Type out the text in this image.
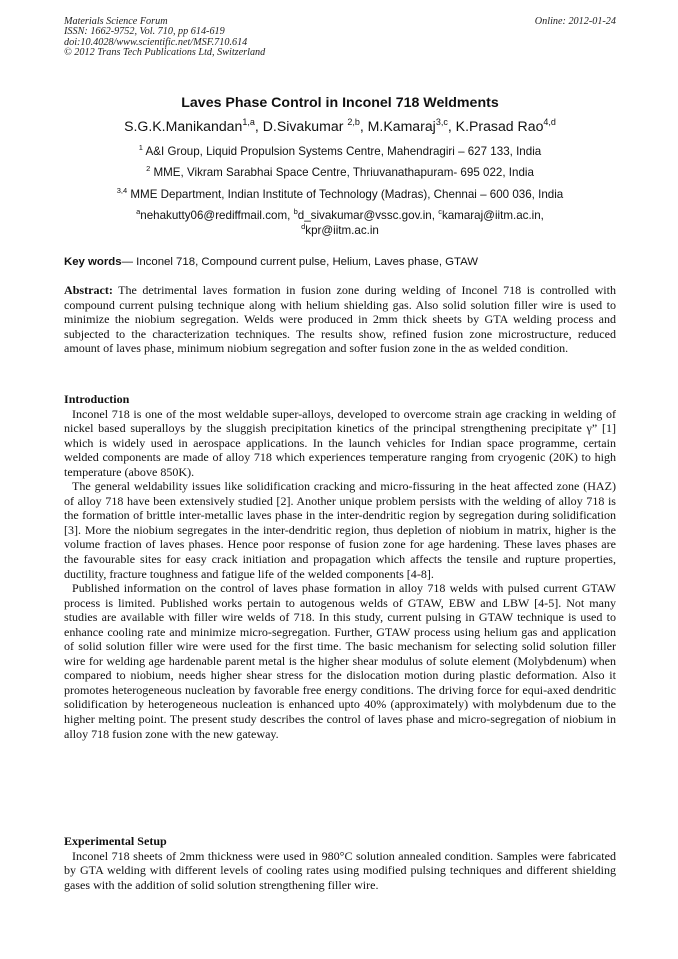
Materials Science Forum
ISSN: 1662-9752, Vol. 710, pp 614-619
doi:10.4028/www.scientific.net/MSF.710.614
© 2012 Trans Tech Publications Ltd, Switzerland
Online: 2012-01-24
Laves Phase Control in Inconel 718 Weldments
S.G.K.Manikandan$^{1,a}$, D.Sivakumar $^{2,b}$, M.Kamaraj$^{3,c}$, K.Prasad Rao$^{4,d}$
$^1$ A&I Group, Liquid Propulsion Systems Centre, Mahendragiri – 627 133, India
$^2$ MME, Vikram Sarabhai Space Centre, Thriuvanathapuram- 695 022, India
$^{3,4}$ MME Department, Indian Institute of Technology (Madras), Chennai – 600 036, India
$^a$nehakutty06@rediffmail.com, $^b$d_sivakumar@vssc.gov.in, $^c$kamaraj@iitm.ac.in,
$^d$kpr@iitm.ac.in
Key words— Inconel 718, Compound current pulse, Helium, Laves phase, GTAW

Abstract: The detrimental laves formation in fusion zone during welding of Inconel 718 is controlled with compound current pulsing technique along with helium shielding gas. Also solid solution filler wire is used to minimize the niobium segregation. Welds were produced in 2mm thick sheets by GTA welding process and subjected to the characterization techniques. The results show, refined fusion zone microstructure, reduced amount of laves phase, minimum niobium segregation and softer fusion zone in the as welded condition.

Introduction

Inconel 718 is one of the most weldable super-alloys, developed to overcome strain age cracking in welding of nickel based superalloys by the sluggish precipitation kinetics of the principal strengthening precipitate γ” [1] which is widely used in aerospace applications. In the launch vehicles for Indian space programme, certain welded components are made of alloy 718 which experiences temperature ranging from cryogenic (20K) to high temperature (above 850K).

The general weldability issues like solidification cracking and micro-fissuring in the heat affected zone (HAZ) of alloy 718 have been extensively studied [2]. Another unique problem persists with the welding of alloy 718 is the formation of brittle inter-metallic laves phase in the inter-dendritic region by segregation during solidification [3]. More the niobium segregates in the inter-dendritic region, thus depletion of niobium in matrix, higher is the volume fraction of laves phases. Hence poor response of fusion zone for age hardening. These laves phases are the favourable sites for easy crack initiation and propagation which affects the tensile and rupture properties, ductility, fracture toughness and fatigue life of the welded components [4-8].

Published information on the control of laves phase formation in alloy 718 welds with pulsed current GTAW process is limited. Published works pertain to autogenous welds of GTAW, EBW and LBW [4-5]. Not many studies are available with filler wire welds of 718. In this study, current pulsing in GTAW technique is used to enhance cooling rate and minimize micro-segregation. Further, GTAW process using helium gas and application of solid solution filler wire were used for the first time. The basic mechanism for selecting solid solution filler wire for welding age hardenable parent metal is the higher shear modulus of solute element (Molybdenum) when compared to niobium, needs higher shear stress for the dislocation motion during plastic deformation. Also it promotes heterogeneous nucleation by favorable free energy conditions. The driving force for equi-axed dendritic solidification by heterogeneous nucleation is enhanced upto 40% (approximately) with molybdenum due to the higher melting point. The present study describes the control of laves phase and micro-segregation of niobium in alloy 718 fusion zone with the new gateway.

Experimental Setup

Inconel 718 sheets of 2mm thickness were used in 980°C solution annealed condition. Samples were fabricated by GTA welding with different levels of cooling rates using modified pulsing techniques and different shielding gases with the addition of solid solution strengthening filler wire.
